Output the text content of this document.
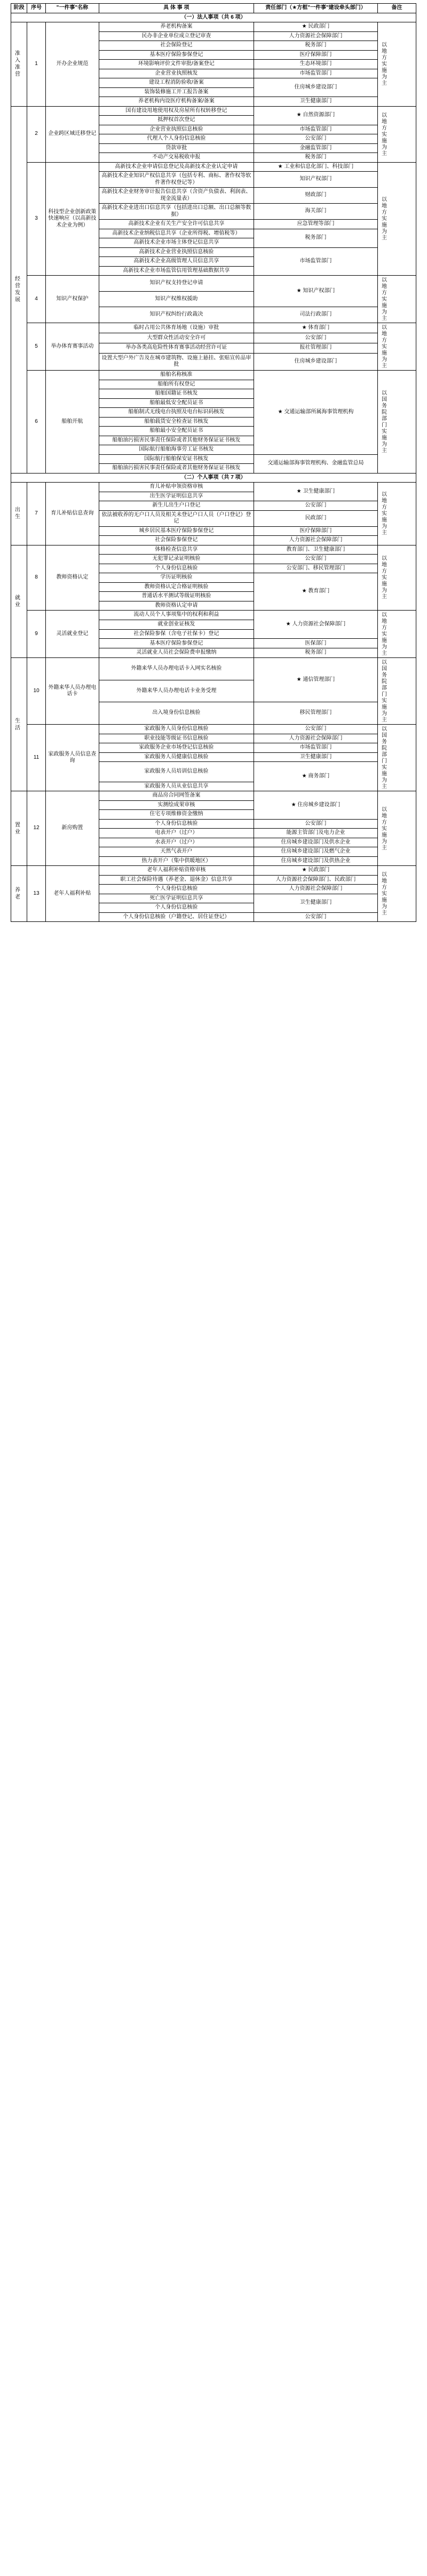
阶段	序号	"一件事"名称	具 体 事 项	责任部门（★方框"一件事"建设牵头部门）	备注
（一）法人事项（共 6 项）					

准入准营	1	开办企业规范	养老机构备案	★ 民政部门	以地方实施为主

			民办非企业单位成立登记审查	人力资源社会保障部门	
			社会保险登记	税务部门	
			基本医疗保险参保登记	医疗保障部门	
			环境影响评价文件审批/备案登记	生态环境部门	
			企业营业执照核发	市场监管部门	
			建设工程消防验收/备案	住房城乡建设部门	
			装饰装修施工开工报告备案		
			养老机构内设医疗机构备案/备案	卫生健康部门	

经营发展	2	企业跨区域迁移登记	国有建设用地使用权及房屋所有权转移登记	★ 自然资源部门	以地方实施为主

			抵押权首次登记		
			企业营业执照信息核验	市场监管部门	
			代理人个人身份信息核验	公安部门	
			贷款审批	金融监管部门	
			不动产交易税收申报	税务部门	
	3	科技型企业创新政策快速响应（以高新技术企业为例）	高新技术企业申请信息登记及高新技术企业认定申请	★ 工业和信息化部门、科技部门	以地方实施为主

			高新技术企业知识产权信息共享（包括专利、商标、著作权等软件著作权登记等）	知识产权部门	
			高新技术企业财务审计报告信息共享（含资产负债表、利润表、现金流量表）	财政部门	
			高新技术企业进出口信息共享（包括进出口总额、出口总额等数据）	海关部门	
			高新技术企业有关生产安全许可信息共享	应急管理等部门	
			高新技术企业纳税信息共享（企业所得税、增值税等）	税务部门	
			高新技术企业市场主体登记信息共享		
			高新技术企业营业执照信息核验	市场监管部门	
			高新技术企业高级管理人员信息共享		
			高新技术企业市场监管信用管理基础数据共享		
	4	知识产权保护	知识产权支持登记申请	★ 知识产权部门	以地方实施为主

			知识产权维权援助		
			知识产权纠纷行政裁决	司法行政部门	
	5	举办体育赛事活动	临时占用公共体育场地（设施）审批	★ 体育部门	以地方实施为主

			大型群众性活动安全许可	公安部门	
			举办各类高危险性体育赛事活动经营许可证	报社管理部门	
			设置大型户外广告及在城市建筑物、设施上悬挂、张贴宣传品审批	住房城乡建设部门	
	6	船舶开航	船舶名称核准	★ 交通运输部所属海事管理机构	以国务院部门实施为主

			船舶所有权登记		
			船舶国籍证书核发		
			船舶最低安全配员证书		
			船舶制式无线电台执照及电台标识码核发		
			船舶载货安全检查证书核发		
			船舶最小安全配员证书		
			船舶油污损害民事责任保险或者其他财务保证证书核发		
			国际航行船舶海事劳工证书核发		
			国际航行船舶保安证书核发	交通运输部海事管理机构、金融监管总局	
			船舶油污损害民事责任保险或者其他财务保证证书核发		
（二）个人事项（共 7 项）					

出生	7	育儿补贴信息查询	育儿补贴申领资格审核	★ 卫生健康部门	以地方实施为主

			出生医学证明信息共享		
			新生儿出生户口登记	公安部门	
			依法被收养的无户口人员及相关未登记户口人员（户口登记）登记	民政部门	
			城乡居民基本医疗保险参保登记	医疗保障部门	
			社会保险参保登记	人力资源社会保障部门	

就业	8	教师资格认定	体格检查信息共享	教育部门、卫生健康部门	以地方实施为主

			无犯罪记录证明核验	公安部门	
			个人身份信息核验	公安部门、移民管理部门	
			学历证明核验	★ 教育部门	
			教师资格认定合格证明核验		
			普通话水平测试等级证明核验		
			教师资格认定申请		
	9	灵活就业登记	流动人员个人事项集中的权利和利益	★ 人力资源社会保障部门	以地方实施为主

			就业创业证核发		
			社会保险参保（含电子社保卡）登记		
			基本医疗保险参保登记	医保部门	
			灵活就业人员社会保险费申报缴纳	税务部门	

生活	10	外籍来华人员办理电话卡	外籍来华人员办理电话卡入网实名核验	★ 通信管理部门	以国务院部门实施为主

			外籍来华人员办理电话卡业务受理		
			出入境身份信息核验	移民管理部门	
	11	家政服务人员信息查询	家政服务人员身份信息核验	公安部门	以国务院部门实施为主

			职业技能等级证书信息核验	人力资源社会保障部门	
			家政服务企业市场登记信息核验	市场监管部门	
			家政服务人员健康信息核验	卫生健康部门	
			家政服务人员培训信息核验	★ 商务部门	
			家政服务人员从业信息共享		

置业	12	新房购置	商品房合同网签备案	★ 住房城乡建设部门	以地方实施为主

			实测绘成果审核		
			住宅专项维修资金缴纳		
			个人身份信息核验	公安部门	
			电表开户（过户）	能源主管部门及电力企业	
			水表开户（过户）	住房城乡建设部门及供水企业	
			天然气表开户	住房城乡建设部门及燃气企业	
			热力表开户（集中供暖地区）	住房城乡建设部门及供热企业	

养老	13	老年人福利补贴	老年人福利补贴资格审核	★ 民政部门	以地方实施为主

			职工社会保险待遇（养老金、退休金）信息共享	人力资源社会保障部门、民政部门	
			个人身份信息核验	人力资源社会保障部门	
			死亡医学证明信息共享	卫生健康部门	
			个人身份信息核验		
			个人身份信息核验（户籍登记、居住证登记）	公安部门	
